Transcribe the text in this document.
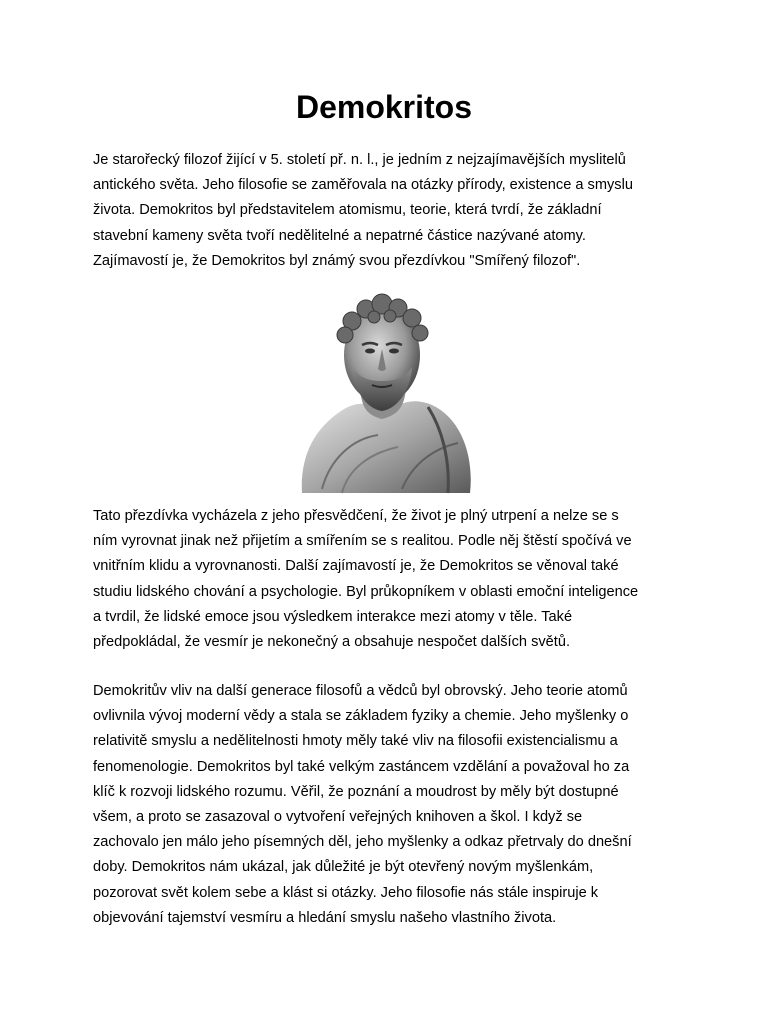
Demokritos

Je starořecký filozof žijící v 5. století př. n. l., je jedním z nejzajímavějších myslitelů
antického světa. Jeho filosofie se zaměřovala na otázky přírody, existence a smyslu
života. Demokritos byl představitelem atomismu, teorie, která tvrdí, že základní
stavební kameny světa tvoří nedělitelné a nepatrné částice nazývané atomy.
Zajímavostí je, že Demokritos byl známý svou přezdívkou "Smířený filozof".

Tato přezdívka vycházela z jeho přesvědčení, že život je plný utrpení a nelze se s
ním vyrovnat jinak než přijetím a smířením se s realitou. Podle něj štěstí spočívá ve
vnitřním klidu a vyrovnanosti. Další zajímavostí je, že Demokritos se věnoval také
studiu lidského chování a psychologie. Byl průkopníkem v oblasti emoční inteligence
a tvrdil, že lidské emoce jsou výsledkem interakce mezi atomy v těle. Také
předpokládal, že vesmír je nekonečný a obsahuje nespočet dalších světů.

Demokritův vliv na další generace filosofů a vědců byl obrovský. Jeho teorie atomů
ovlivnila vývoj moderní vědy a stala se základem fyziky a chemie. Jeho myšlenky o
relativitě smyslu a nedělitelnosti hmoty měly také vliv na filosofii existencialismu a
fenomenologie. Demokritos byl také velkým zastáncem vzdělání a považoval ho za
klíč k rozvoji lidského rozumu. Věřil, že poznání a moudrost by měly být dostupné
všem, a proto se zasazoval o vytvoření veřejných knihoven a škol. I když se
zachovalo jen málo jeho písemných děl, jeho myšlenky a odkaz přetrvaly do dnešní
doby. Demokritos nám ukázal, jak důležité je být otevřený novým myšlenkám,
pozorovat svět kolem sebe a klást si otázky. Jeho filosofie nás stále inspiruje k
objevování tajemství vesmíru a hledání smyslu našeho vlastního života.
